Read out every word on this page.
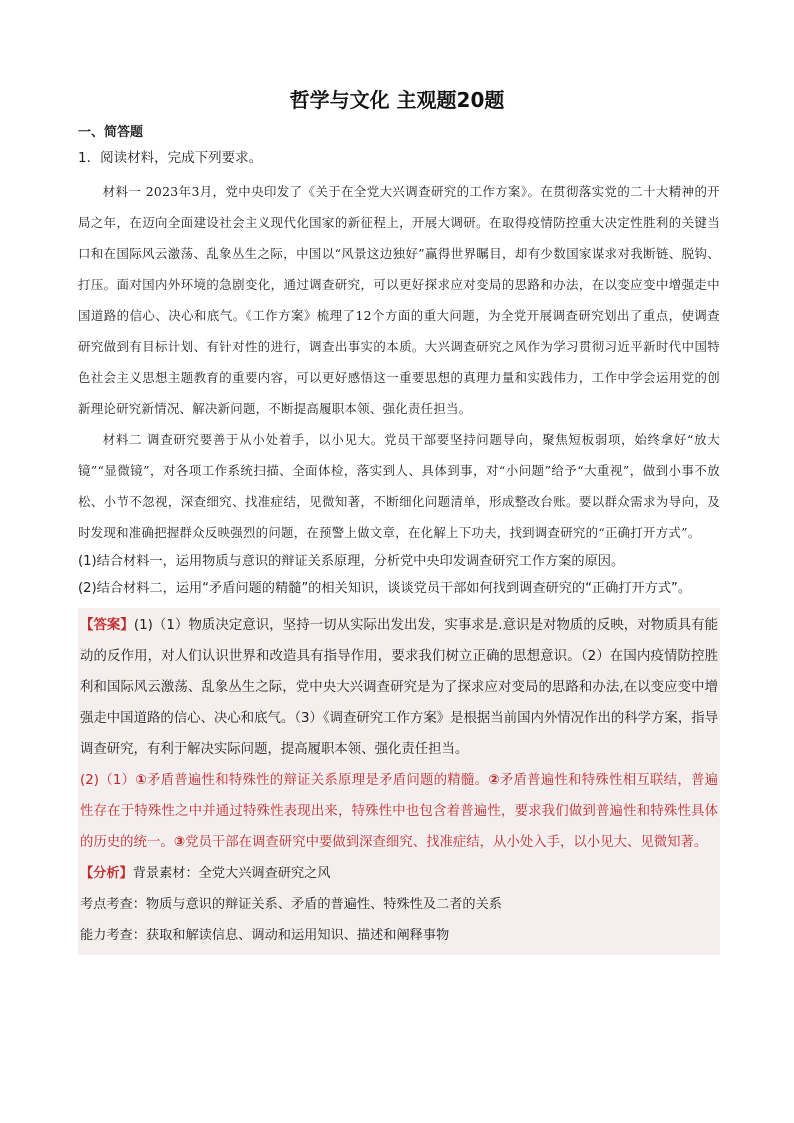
哲学与文化 主观题20题

一、简答题

1．阅读材料，完成下列要求。

材料一 2023年3月，党中央印发了《关于在全党大兴调查研究的工作方案》。在贯彻落实党的二十大精神的开局之年，在迈向全面建设社会主义现代化国家的新征程上，开展大调研。在取得疫情防控重大决定性胜利的关键当口和在国际风云激荡、乱象丛生之际，中国以“风景这边独好”赢得世界瞩目，却有少数国家谋求对我断链、脱钩、打压。面对国内外环境的急剧变化，通过调查研究，可以更好探求应对变局的思路和办法，在以变应变中增强走中国道路的信心、决心和底气。《工作方案》梳理了12个方面的重大问题，为全党开展调查研究划出了重点，使调查研究做到有目标计划、有针对性的进行，调查出事实的本质。大兴调查研究之风作为学习贯彻习近平新时代中国特色社会主义思想主题教育的重要内容，可以更好感悟这一重要思想的真理力量和实践伟力，工作中学会运用党的创新理论研究新情况、解决新问题，不断提高履职本领、强化责任担当。

材料二 调查研究要善于从小处着手，以小见大。党员干部要坚持问题导向，聚焦短板弱项，始终拿好“放大镜”“显微镜”，对各项工作系统扫描、全面体检，落实到人、具体到事，对“小问题”给予“大重视”，做到小事不放松、小节不忽视，深查细究、找准症结，见微知著，不断细化问题清单，形成整改台账。要以群众需求为导向，及时发现和准确把握群众反映强烈的问题，在预警上做文章，在化解上下功夫，找到调查研究的“正确打开方式”。

(1)结合材料一，运用物质与意识的辩证关系原理，分析党中央印发调查研究工作方案的原因。

(2)结合材料二，运用“矛盾问题的精髓”的相关知识，谈谈党员干部如何找到调查研究的“正确打开方式”。

【答案】(1)（1）物质决定意识，坚持一切从实际出发出发，实事求是.意识是对物质的反映，对物质具有能动的反作用，对人们认识世界和改造具有指导作用，要求我们树立正确的思想意识。（2）在国内疫情防控胜利和国际风云激荡、乱象丛生之际，党中央大兴调查研究是为了探求应对变局的思路和办法,在以变应变中增强走中国道路的信心、决心和底气。（3）《调查研究工作方案》是根据当前国内外情况作出的科学方案，指导调查研究，有利于解决实际问题，提高履职本领、强化责任担当。

(2)（1）①矛盾普遍性和特殊性的辩证关系原理是矛盾问题的精髓。②矛盾普遍性和特殊性相互联结，普遍性存在于特殊性之中并通过特殊性表现出来，特殊性中也包含着普遍性，要求我们做到普遍性和特殊性具体的历史的统一。③党员干部在调查研究中要做到深查细究、找准症结，从小处入手，以小见大、见微知著。

【分析】背景素材：全党大兴调查研究之风

考点考查：物质与意识的辩证关系、矛盾的普遍性、特殊性及二者的关系

能力考查：获取和解读信息、调动和运用知识、描述和阐释事物
